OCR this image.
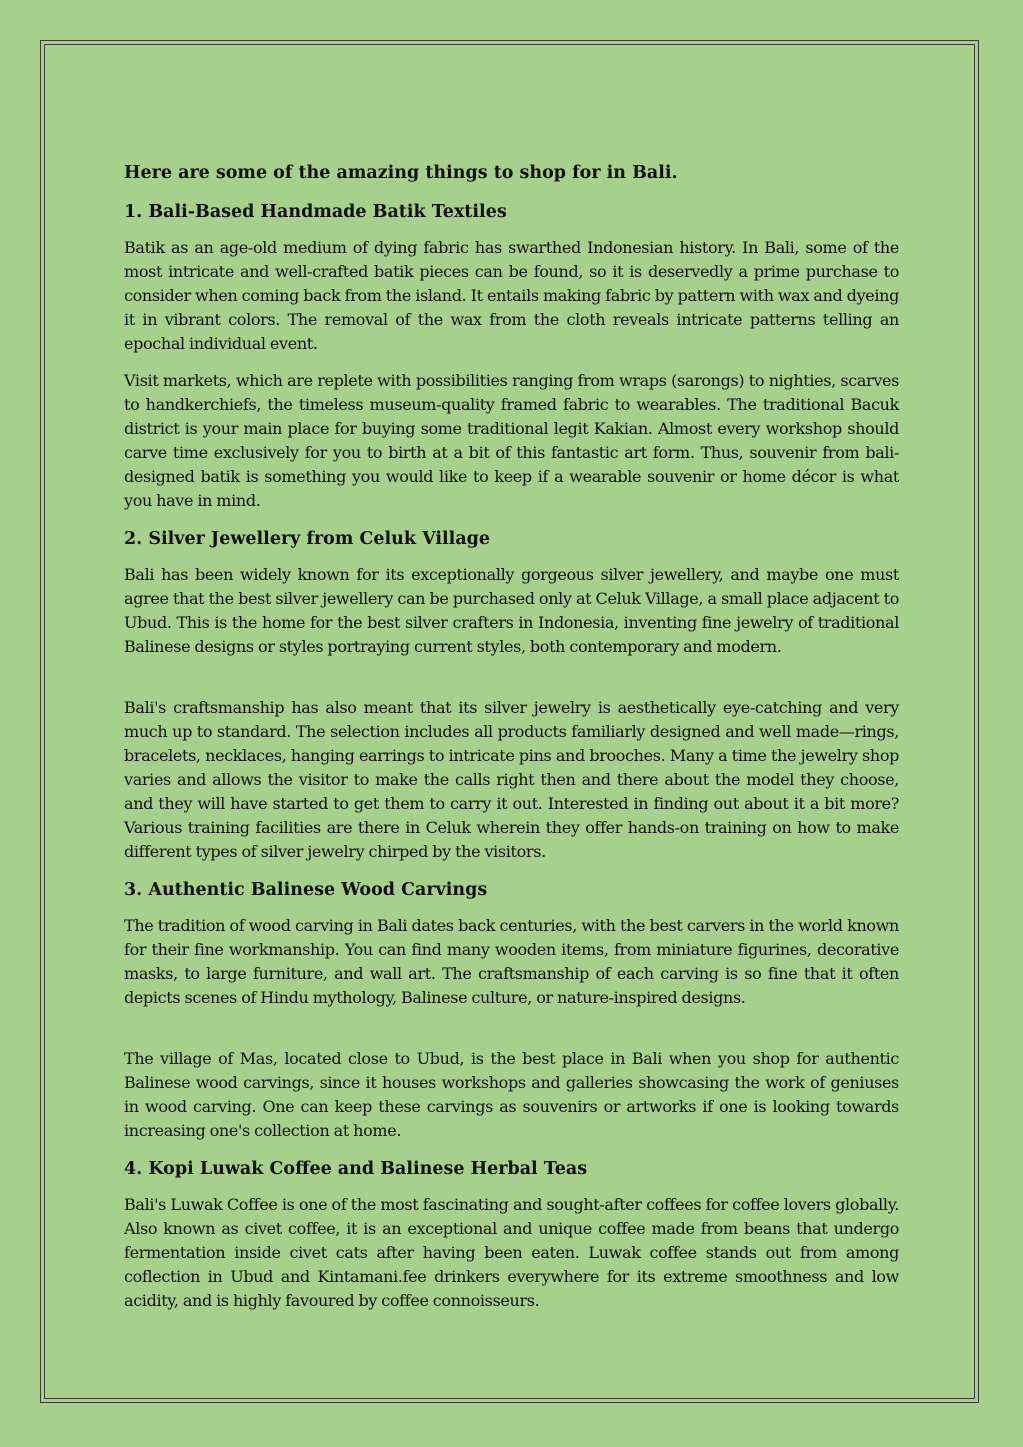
Here are some of the amazing things to shop for in Bali.

1. Bali-Based Handmade Batik Textiles

Batik as an age-old medium of dying fabric has swarthed Indonesian history. In Bali, some of the most intricate and well-crafted batik pieces can be found, so it is deservedly a prime purchase to consider when coming back from the island. It entails making fabric by pattern with wax and dyeing it in vibrant colors. The removal of the wax from the cloth reveals intricate patterns telling an epochal individual event.

Visit markets, which are replete with possibilities ranging from wraps (sarongs) to nighties, scarves to handkerchiefs, the timeless museum-quality framed fabric to wearables. The traditional Bacuk district is your main place for buying some traditional legit Kakian. Almost every workshop should carve time exclusively for you to birth at a bit of this fantastic art form. Thus, souvenir from bali-designed batik is something you would like to keep if a wearable souvenir or home décor is what you have in mind.

2. Silver Jewellery from Celuk Village

Bali has been widely known for its exceptionally gorgeous silver jewellery, and maybe one must agree that the best silver jewellery can be purchased only at Celuk Village, a small place adjacent to Ubud. This is the home for the best silver crafters in Indonesia, inventing fine jewelry of traditional Balinese designs or styles portraying current styles, both contemporary and modern.

Bali's craftsmanship has also meant that its silver jewelry is aesthetically eye-catching and very much up to standard. The selection includes all products familiarly designed and well made—rings, bracelets, necklaces, hanging earrings to intricate pins and brooches. Many a time the jewelry shop varies and allows the visitor to make the calls right then and there about the model they choose, and they will have started to get them to carry it out. Interested in finding out about it a bit more? Various training facilities are there in Celuk wherein they offer hands-on training on how to make different types of silver jewelry chirped by the visitors.

3. Authentic Balinese Wood Carvings

The tradition of wood carving in Bali dates back centuries, with the best carvers in the world known for their fine workmanship. You can find many wooden items, from miniature figurines, decorative masks, to large furniture, and wall art. The craftsmanship of each carving is so fine that it often depicts scenes of Hindu mythology, Balinese culture, or nature-inspired designs.

The village of Mas, located close to Ubud, is the best place in Bali when you shop for authentic Balinese wood carvings, since it houses workshops and galleries showcasing the work of geniuses in wood carving. One can keep these carvings as souvenirs or artworks if one is looking towards increasing one's collection at home.

4. Kopi Luwak Coffee and Balinese Herbal Teas

Bali's Luwak Coffee is one of the most fascinating and sought-after coffees for coffee lovers globally. Also known as civet coffee, it is an exceptional and unique coffee made from beans that undergo fermentation inside civet cats after having been eaten. Luwak coffee stands out from among coflection in Ubud and Kintamani.fee drinkers everywhere for its extreme smoothness and low acidity, and is highly favoured by coffee connoisseurs.
